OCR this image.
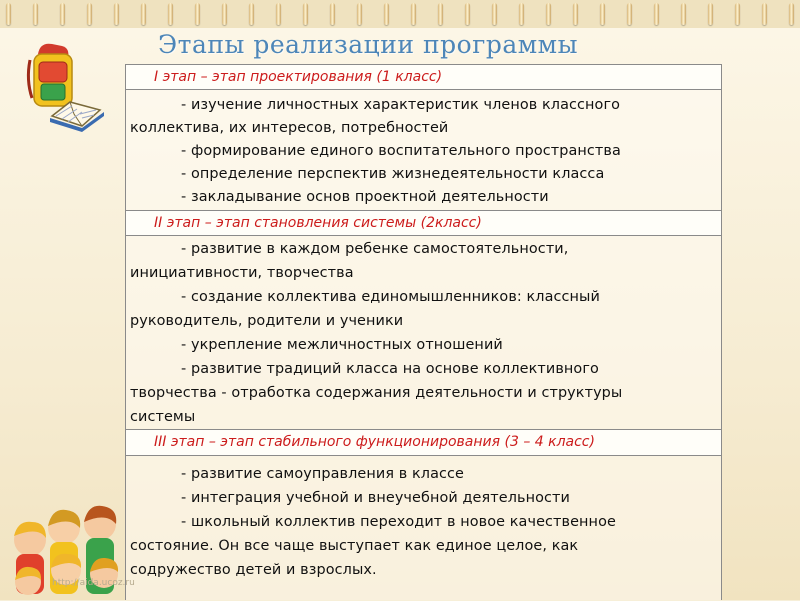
Этапы реализации программы
I этап – этап проектирования (1 класс)
- изучение личностных характеристик членов классного
коллектива, их интересов, потребностей
- формирование единого воспитательного пространства
- определение перспектив жизнедеятельности класса
- закладывание основ проектной деятельности
II этап – этап становления системы (2класс)
- развитие в каждом ребенке самостоятельности,
инициативности, творчества
- создание коллектива единомышленников: классный
руководитель, родители и ученики
- укрепление межличностных отношений
- развитие традиций класса на основе коллективного
творчества - отработка содержания деятельности и структуры
системы
III этап – этап стабильного функционирования (3 – 4 класс)
- развитие самоуправления в классе
- интеграция учебной и внеучебной деятельности
- школьный коллектив переходит в новое качественное
состояние. Он все чаще выступает как единое целое, как
содружество детей и взрослых.
http://aida.ucoz.ru
